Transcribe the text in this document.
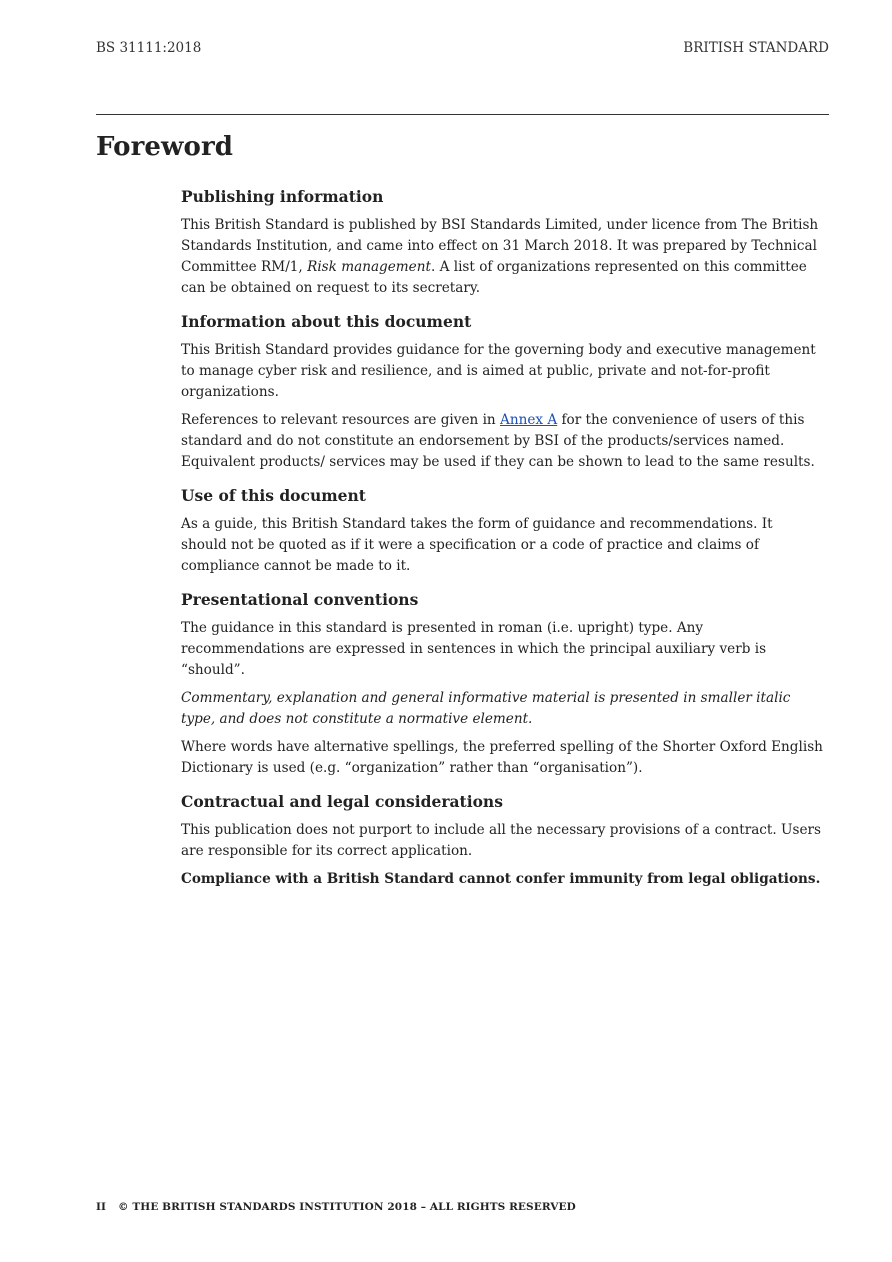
BS 31111:2018	BRITISH STANDARD
Foreword
Publishing information

This British Standard is published by BSI Standards Limited, under licence from The British Standards Institution, and came into effect on 31 March 2018. It was prepared by Technical Committee RM/1, Risk management. A list of organizations represented on this committee can be obtained on request to its secretary.

Information about this document

This British Standard provides guidance for the governing body and executive management to manage cyber risk and resilience, and is aimed at public, private and not-for-profit organizations.

References to relevant resources are given in Annex A for the convenience of users of this standard and do not constitute an endorsement by BSI of the products/services named. Equivalent products/ services may be used if they can be shown to lead to the same results.

Use of this document

As a guide, this British Standard takes the form of guidance and recommendations. It should not be quoted as if it were a specification or a code of practice and claims of compliance cannot be made to it.

Presentational conventions

The guidance in this standard is presented in roman (i.e. upright) type. Any recommendations are expressed in sentences in which the principal auxiliary verb is “should”.

Commentary, explanation and general informative material is presented in smaller italic type, and does not constitute a normative element.

Where words have alternative spellings, the preferred spelling of the Shorter Oxford English Dictionary is used (e.g. “organization” rather than “organisation”).

Contractual and legal considerations

This publication does not purport to include all the necessary provisions of a contract. Users are responsible for its correct application.

Compliance with a British Standard cannot confer immunity from legal obligations.

II © THE BRITISH STANDARDS INSTITUTION 2018 – ALL RIGHTS RESERVED
